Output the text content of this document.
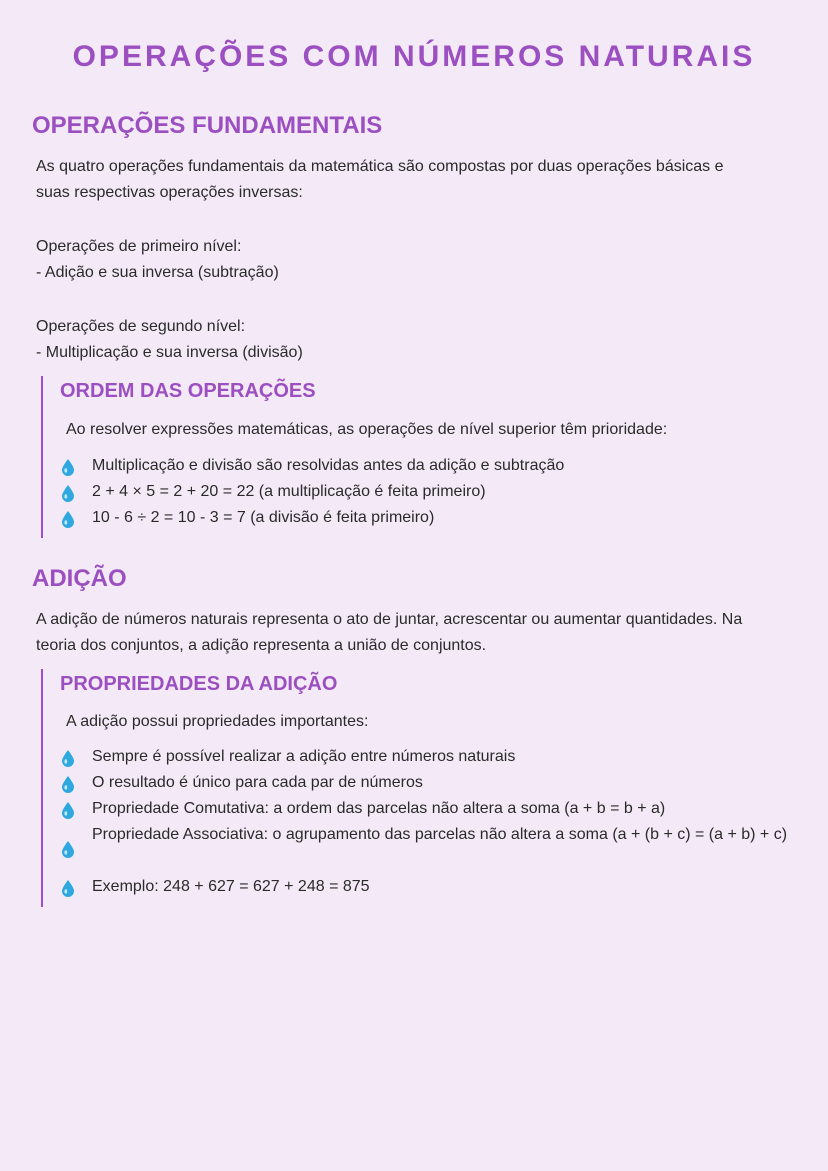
OPERAÇÕES COM NÚMEROS NATURAIS
OPERAÇÕES FUNDAMENTAIS
As quatro operações fundamentais da matemática são compostas por duas operações básicas e
suas respectivas operações inversas:
Operações de primeiro nível:
- Adição e sua inversa (subtração)
Operações de segundo nível:
- Multiplicação e sua inversa (divisão)
ORDEM DAS OPERAÇÕES
Ao resolver expressões matemáticas, as operações de nível superior têm prioridade:
Multiplicação e divisão são resolvidas antes da adição e subtração
2 + 4 × 5 = 2 + 20 = 22 (a multiplicação é feita primeiro)
10 - 6 ÷ 2 = 10 - 3 = 7 (a divisão é feita primeiro)
ADIÇÃO
A adição de números naturais representa o ato de juntar, acrescentar ou aumentar quantidades. Na
teoria dos conjuntos, a adição representa a união de conjuntos.
PROPRIEDADES DA ADIÇÃO
A adição possui propriedades importantes:
Sempre é possível realizar a adição entre números naturais
O resultado é único para cada par de números
Propriedade Comutativa: a ordem das parcelas não altera a soma (a + b = b + a)
Propriedade Associativa: o agrupamento das parcelas não altera a soma (a + (b + c) = (a + b) + c)
Exemplo: 248 + 627 = 627 + 248 = 875
